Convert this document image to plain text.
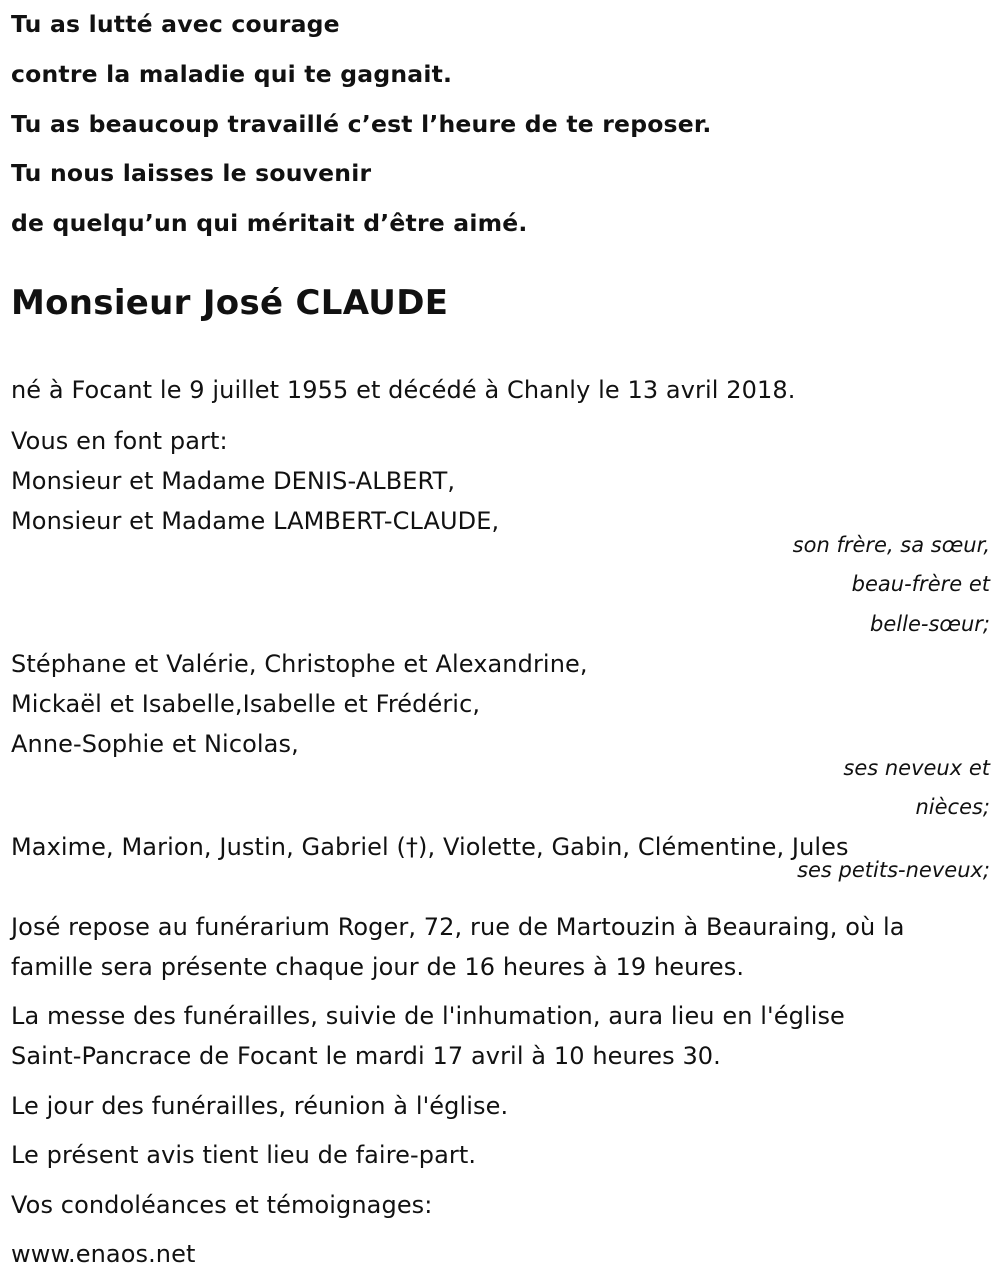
Tu as lutté avec courage

contre la maladie qui te gagnait.

Tu as beaucoup travaillé c’est l’heure de te reposer.

Tu nous laisses le souvenir

de quelqu’un qui méritait d’être aimé.

Monsieur José CLAUDE

né à Focant le 9 juillet 1955 et décédé à Chanly le 13 avril 2018.

Vous en font part:

Monsieur et Madame DENIS-ALBERT,

Monsieur et Madame LAMBERT-CLAUDE,

son frère, sa sœur,

beau-frère et

belle-sœur;

Stéphane et Valérie, Christophe et Alexandrine,

Mickaël et Isabelle,Isabelle et Frédéric,

Anne-Sophie et Nicolas,

ses neveux et

nièces;

Maxime, Marion, Justin, Gabriel (†), Violette, Gabin, Clémentine, Jules

ses petits-neveux;

José repose au funérarium Roger, 72, rue de Martouzin à Beauraing, où la

famille sera présente chaque jour de 16 heures à 19 heures.

La messe des funérailles, suivie de l'inhumation, aura lieu en l'église

Saint-Pancrace de Focant le mardi 17 avril à 10 heures 30.

Le jour des funérailles, réunion à l'église.

Le présent avis tient lieu de faire-part.

Vos condoléances et témoignages:

www.enaos.net
